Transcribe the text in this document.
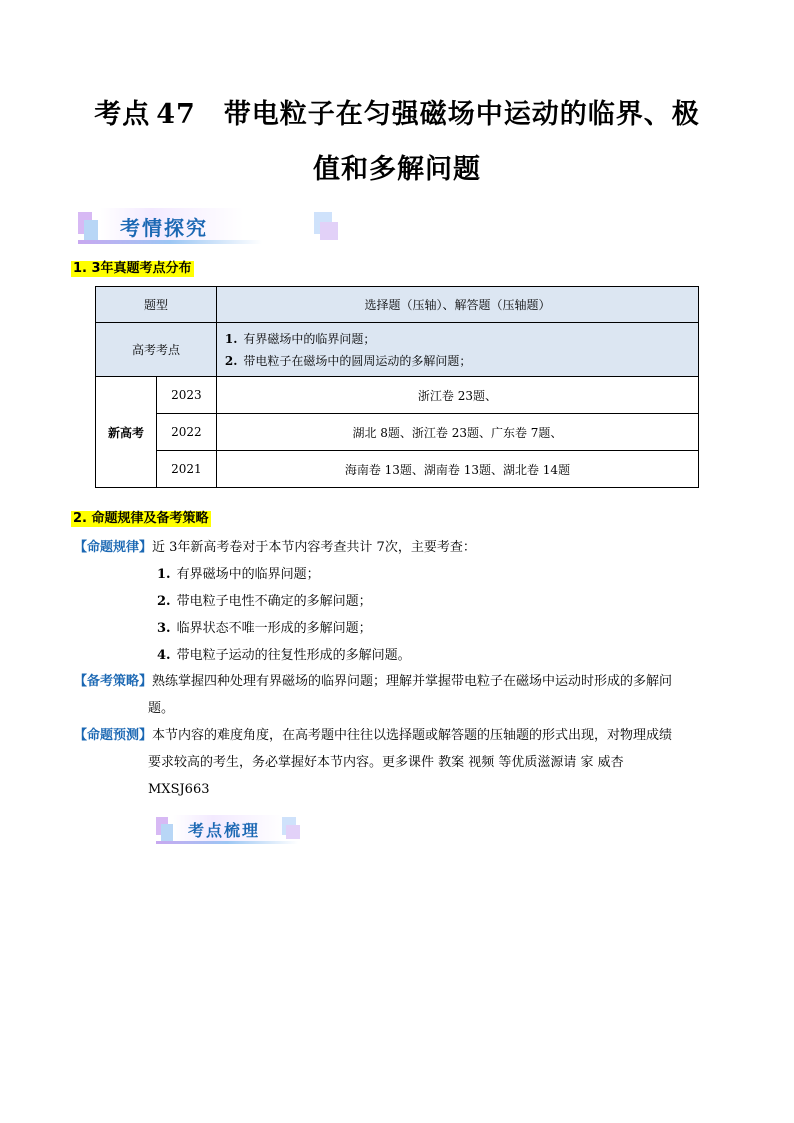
考点 47 带电粒子在匀强磁场中运动的临界、极
值和多解问题
考情探究
1. 3年真题考点分布
题型		选择题（压轴）、解答题（压轴题）
高考考点		1. 有界磁场中的临界问题；
2. 带电粒子在磁场中的圆周运动的多解问题；

新高考	2023	浙江卷 23题、
	2022	湖北 8题、浙江卷 23题、广东卷 7题、
	2021	海南卷 13题、湖南卷 13题、湖北卷 14题
2. 命题规律及备考策略
【命题规律】近 3年新高考卷对于本节内容考查共计 7次，主要考查：
1. 有界磁场中的临界问题；
2. 带电粒子电性不确定的多解问题；
3. 临界状态不唯一形成的多解问题；
4. 带电粒子运动的往复性形成的多解问题。
【备考策略】熟练掌握四种处理有界磁场的临界问题；理解并掌握带电粒子在磁场中运动时形成的多解问
题。
【命题预测】本节内容的难度角度，在高考题中往往以选择题或解答题的压轴题的形式出现，对物理成绩
要求较高的考生，务必掌握好本节内容。更多课件 教案 视频 等优质滋源请 家 威杏
MXSJ663
考点梳理
